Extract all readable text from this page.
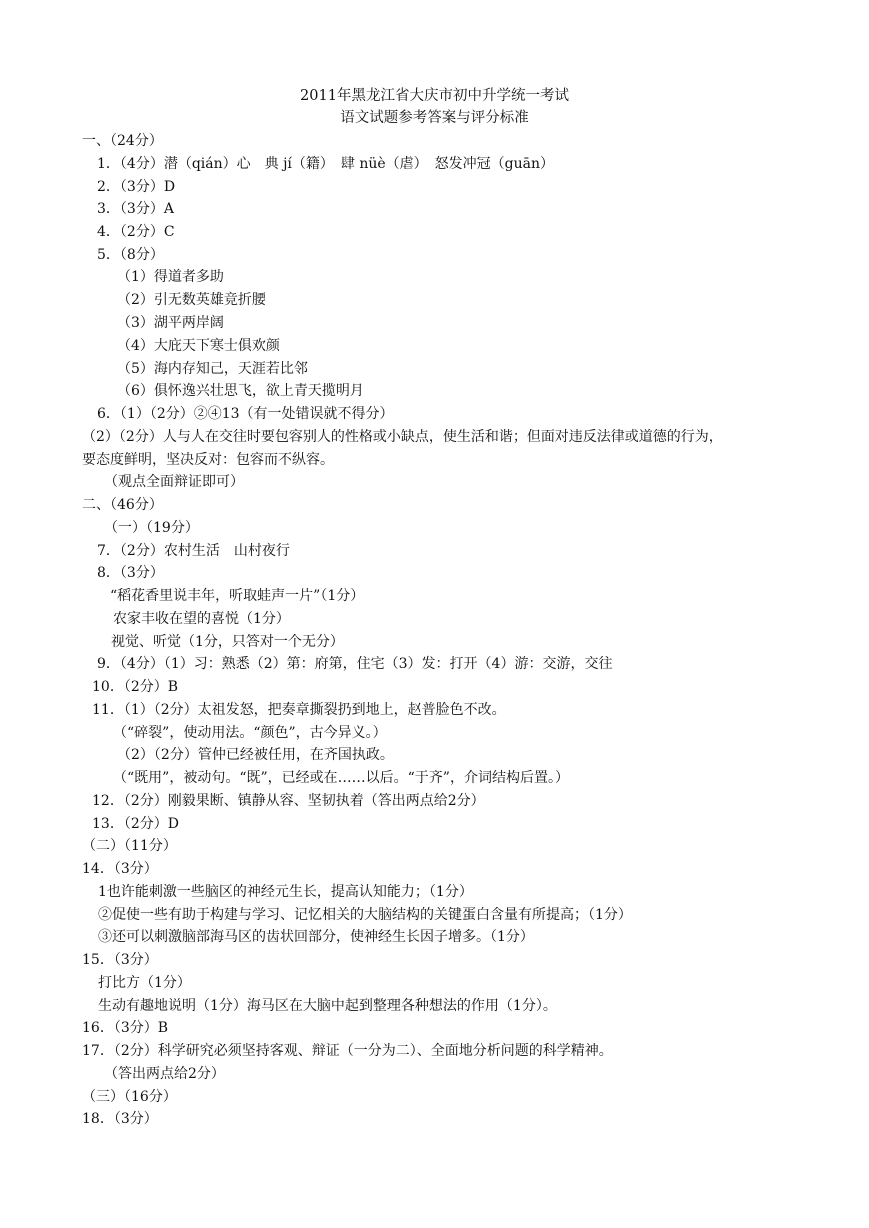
2011年黑龙江省大庆市初中升学统一考试
语文试题参考答案与评分标准
一、（24分）
1．（4分）潜（qián）心　典 jí（籍）　肆 nüè（虐）　怒发冲冠（guān）
2．（3分）D
3．（3分）A
4．（2分）C
5．（8分）
（1）得道者多助
（2）引无数英雄竞折腰
（3）湖平两岸阔
（4）大庇天下寒士俱欢颜
（5）海内存知己，天涯若比邻
（6）俱怀逸兴壮思飞，欲上青天揽明月
6．（1）（2分）②④13（有一处错误就不得分）
（2）（2分）人与人在交往时要包容别人的性格或小缺点，使生活和谐；但面对违反法律或道德的行为，
要态度鲜明，坚决反对：包容而不纵容。
（观点全面辩证即可）
二、（46分）
（一）（19分）
7．（2分）农村生活　山村夜行
8．（3分）
“稻花香里说丰年，听取蛙声一片”（1分）
农家丰收在望的喜悦（1分）
视觉、听觉（1分，只答对一个无分）
9．（4分）（1）习：熟悉（2）第：府第，住宅（3）发：打开（4）游：交游，交往
10．（2分）B
11．（1）（2分）太祖发怒，把奏章撕裂扔到地上，赵普脸色不改。
（“碎裂”，使动用法。“颜色”，古今异义。）
（2）（2分）管仲已经被任用，在齐国执政。
（“既用”，被动句。“既”，已经或在……以后。“于齐”，介词结构后置。）
12．（2分）刚毅果断、镇静从容、坚韧执着（答出两点给2分）
13．（2分）D
（二）（11分）
14．（3分）
1也许能刺激一些脑区的神经元生长，提高认知能力；（1分）
②促使一些有助于构建与学习、记忆相关的大脑结构的关键蛋白含量有所提高；（1分）
③还可以刺激脑部海马区的齿状回部分，使神经生长因子增多。（1分）
15．（3分）
打比方（1分）
生动有趣地说明（1分）海马区在大脑中起到整理各种想法的作用（1分）。
16．（3分）B
17．（2分）科学研究必须坚持客观、辩证（一分为二）、全面地分析问题的科学精神。
（答出两点给2分）
（三）（16分）
18．（3分）
